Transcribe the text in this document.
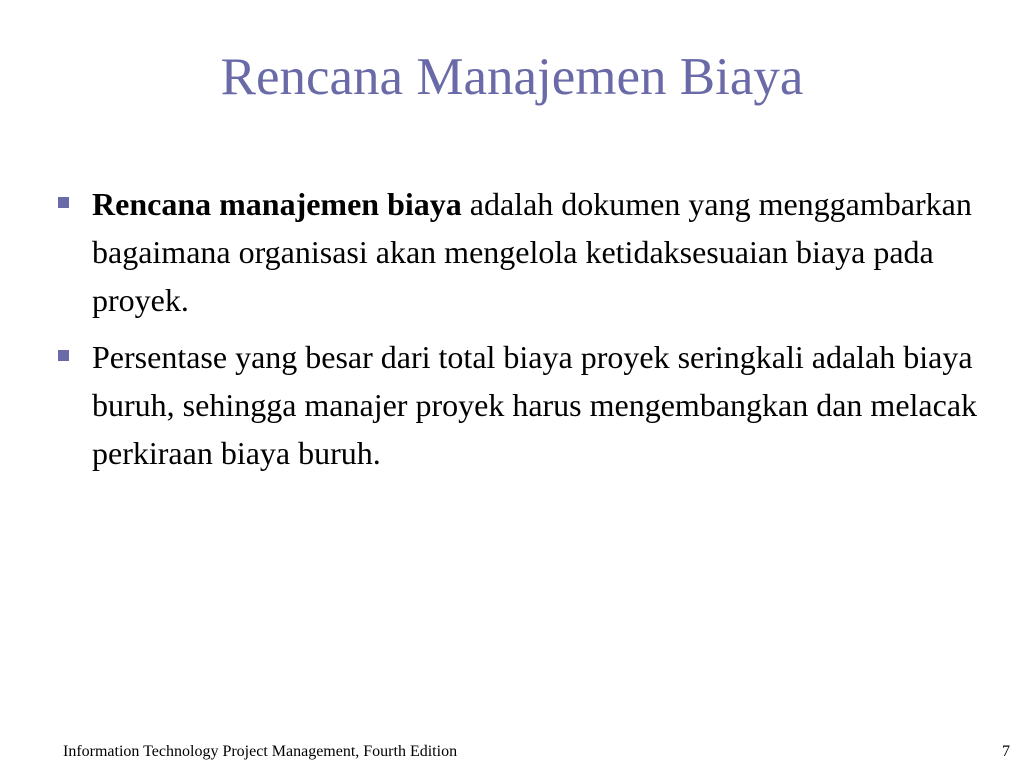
Rencana Manajemen Biaya
Rencana manajemen biaya adalah dokumen yang menggambarkan bagaimana organisasi akan mengelola ketidaksesuaian biaya pada proyek.
Persentase yang besar dari total biaya proyek seringkali adalah biaya buruh, sehingga manajer proyek harus mengembangkan dan melacak perkiraan biaya buruh.
Information Technology Project Management, Fourth Edition	7
